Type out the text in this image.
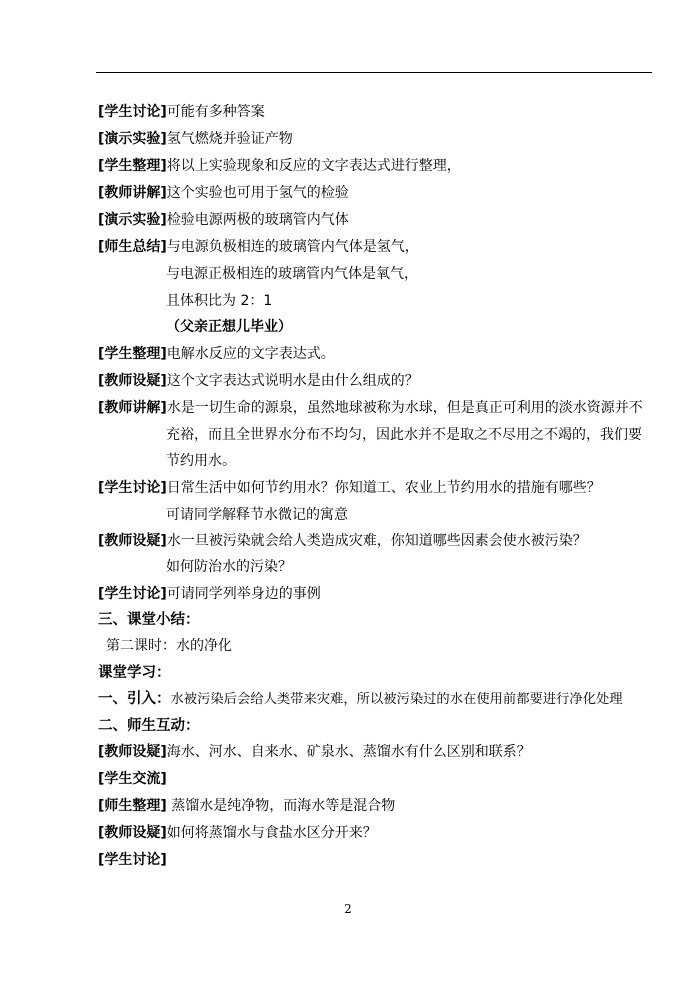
[学生讨论]可能有多种答案
[演示实验]氢气燃烧并验证产物
[学生整理]将以上实验现象和反应的文字表达式进行整理，
[教师讲解]这个实验也可用于氢气的检验
[演示实验]检验电源两极的玻璃管内气体
[师生总结]与电源负极相连的玻璃管内气体是氢气，
与电源正极相连的玻璃管内气体是氧气，
且体积比为 2：1
（父亲正想儿毕业）
[学生整理]电解水反应的文字表达式。
[教师设疑]这个文字表达式说明水是由什么组成的？
[教师讲解]水是一切生命的源泉，虽然地球被称为水球，但是真正可利用的淡水资源并不
充裕，而且全世界水分布不均匀，因此水并不是取之不尽用之不竭的，我们要
节约用水。
[学生讨论]日常生活中如何节约用水？你知道工、农业上节约用水的措施有哪些？
可请同学解释节水微记的寓意
[教师设疑]水一旦被污染就会给人类造成灾难，你知道哪些因素会使水被污染？
如何防治水的污染？
[学生讨论]可请同学列举身边的事例
三、课堂小结：
第二课时：水的净化
课堂学习：
一、引入：水被污染后会给人类带来灾难，所以被污染过的水在使用前都要进行净化处理
二、师生互动：
[教师设疑]海水、河水、自来水、矿泉水、蒸馏水有什么区别和联系？
[学生交流]
[师生整理] 蒸馏水是纯净物，而海水等是混合物
[教师设疑]如何将蒸馏水与食盐水区分开来？
[学生讨论]
2
